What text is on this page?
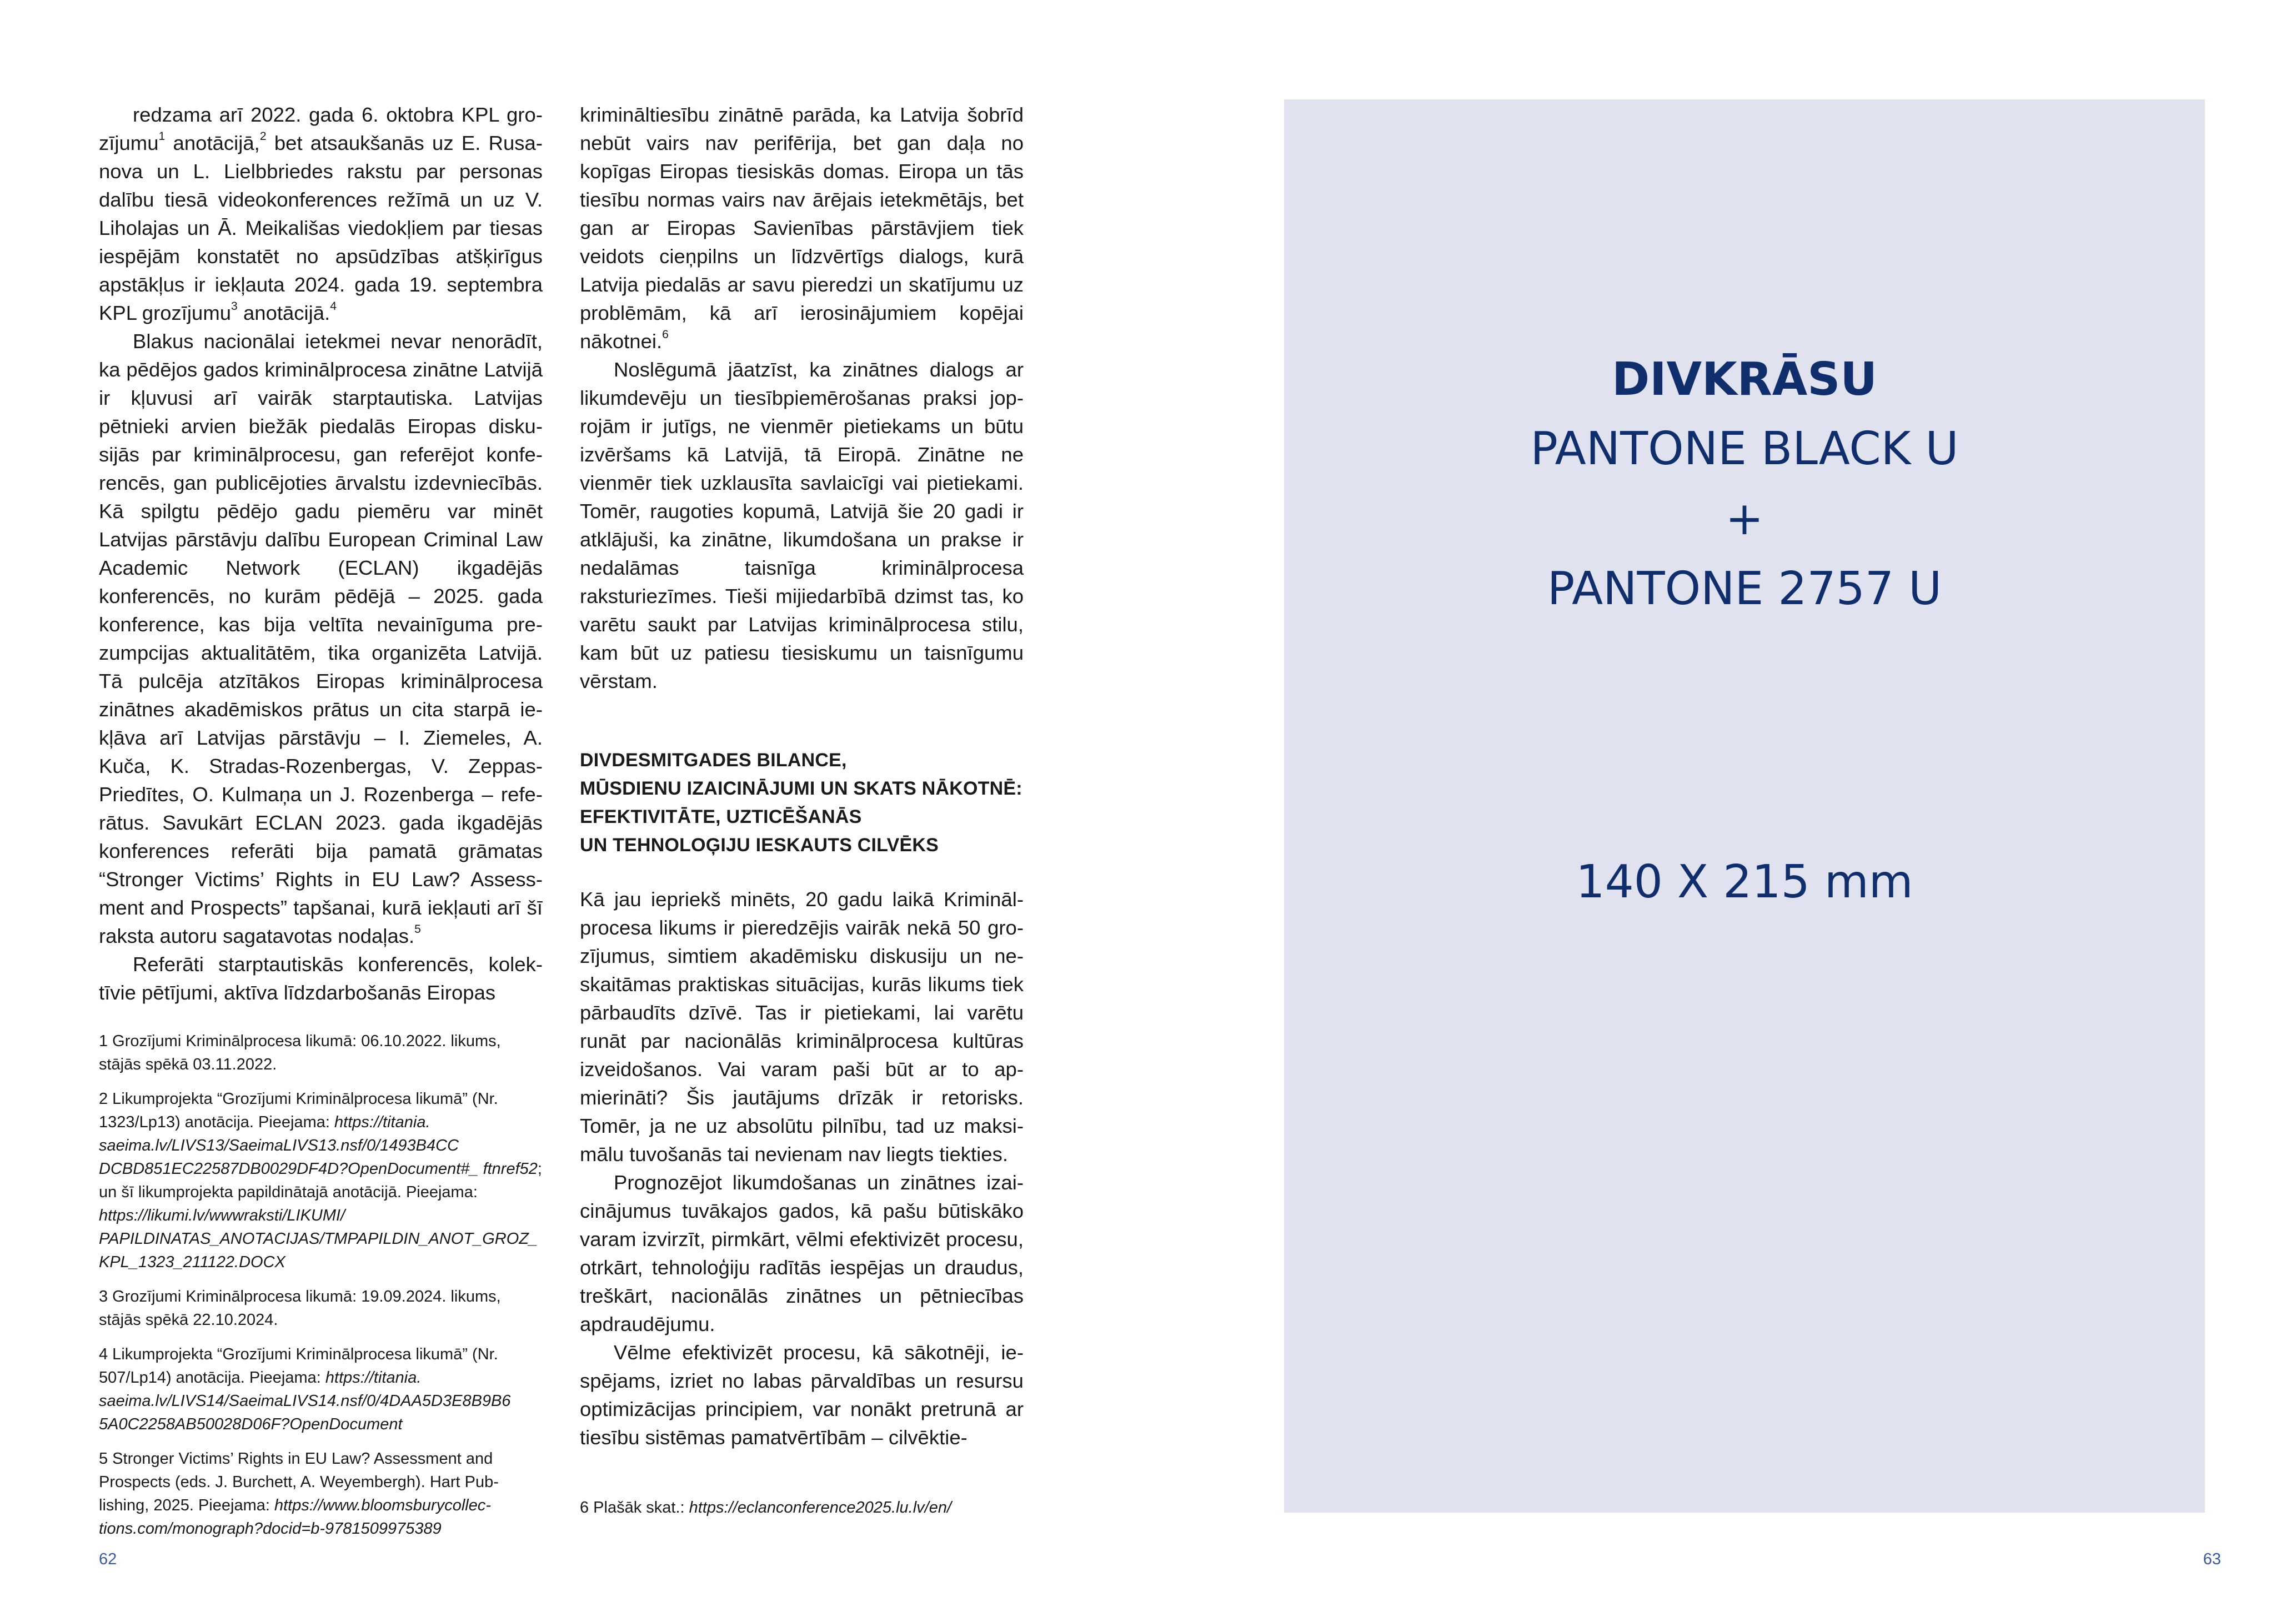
redzama arī 2022. gada 6. oktobra KPL grozījumu$^1$ anotācijā,$^2$ bet atsaukšanās uz E. Rusanova un L. Lielbbriedes rakstu par personas dalību tiesā videokonferences režīmā un uz V. Liholajas un Ā. Meikališas viedokļiem par tiesas iespējām konstatēt no apsūdzības atšķirīgus apstākļus ir iekļauta 2024. gada 19. septembra KPL grozījumu$^3$ anotācijā.$^4$

Blakus nacionālai ietekmei nevar nenorādīt, ka pēdējos gados kriminālprocesa zinātne Latvijā ir kļuvusi arī vairāk starptautiska. Latvijas pētnieki arvien biežāk piedalās Eiropas diskusijās par kriminālprocesu, gan referējot konferencēs, gan publicējoties ārvalstu izdevniecībās. Kā spilgtu pēdējo gadu piemēru var minēt Latvijas pārstāvju dalību European Criminal Law Academic Network (ECLAN) ikgadējās konferencēs, no kurām pēdējā – 2025. gada konference, kas bija veltīta nevainīguma prezumpcijas aktualitātēm, tika organizēta Latvijā. Tā pulcēja atzītākos Eiropas kriminālprocesa zinātnes akadēmiskos prātus un cita starpā iekļāva arī Latvijas pārstāvju – I. Ziemeles, A. Kuča, K. Stradas-Rozenbergas, V. Zeppas-Priedītes, O. Kulmaņa un J. Rozenberga – referātus. Savukārt ECLAN 2023. gada ikgadējās konferences referāti bija pamatā grāmatas “Stronger Victims’ Rights in EU Law? Assessment and Prospects” tapšanai, kurā iekļauti arī šī raksta autoru sagatavotas nodaļas.$^5$

Referāti starptautiskās konferencēs, kolektīvie pētījumi, aktīva līdzdarbošanās Eiropas

1 Grozījumi Kriminālprocesa likumā: 06.10.2022. likums, stājās spēkā 03.11.2022.
2 Likumprojekta “Grozījumi Kriminālprocesa likumā” (Nr. 1323/Lp13) anotācija. Pieejama: https://titania. saeima.lv/LIVS13/SaeimaLIVS13.nsf/0/1493B4CC DCBD851EC22587DB0029DF4D?OpenDocument#_ ftnref52; un šī likumprojekta papildinātajā anotācijā. Pieejama: https://likumi.lv/wwwraksti/LIKUMI/ PAPILDINATAS_ANOTACIJAS/TMPAPILDIN_ANOT_GROZ_ KPL_1323_211122.DOCX
3 Grozījumi Kriminālprocesa likumā: 19.09.2024. likums, stājās spēkā 22.10.2024.
4 Likumprojekta “Grozījumi Kriminālprocesa likumā” (Nr. 507/Lp14) anotācija. Pieejama: https://titania. saeima.lv/LIVS14/SaeimaLIVS14.nsf/0/4DAA5D3E8B9B6 5A0C2258AB50028D06F?OpenDocument
5 Stronger Victims’ Rights in EU Law? Assessment and Prospects (eds. J. Burchett, A. Weyembergh). Hart Publishing, 2025. Pieejama: https://www.bloomsburycollections.com/monograph?docid=b-9781509975389
62

krimināltiesību zinātnē parāda, ka Latvija šobrīd nebūt vairs nav perifērija, bet gan daļa no kopīgas Eiropas tiesiskās domas. Eiropa un tās tiesību normas vairs nav ārējais ietekmētājs, bet gan ar Eiropas Savienības pārstāvjiem tiek veidots cieņpilns un līdzvērtīgs dialogs, kurā Latvija piedalās ar savu pieredzi un skatījumu uz problēmām, kā arī ierosinājumiem kopējai nākotnei.$^6$

Noslēgumā jāatzīst, ka zinātnes dialogs ar likumdevēju un tiesībpiemērošanas praksi joprojām ir jutīgs, ne vienmēr pietiekams un būtu izvēršams kā Latvijā, tā Eiropā. Zinātne ne vienmēr tiek uzklausīta savlaicīgi vai pietiekami. Tomēr, raugoties kopumā, Latvijā šie 20 gadi ir atklājuši, ka zinātne, likumdošana un prakse ir nedalāmas taisnīga kriminālprocesa raksturiezīmes. Tieši mijiedarbībā dzimst tas, ko varētu saukt par Latvijas kriminālprocesa stilu, kam būt uz patiesu tiesiskumu un taisnīgumu vērstam.

DIVDESMITGADES BILANCE,
MŪSDIENU IZAICINĀJUMI UN SKATS NĀKOTNĒ:
EFEKTIVITĀTE, UZTICĒŠANĀS
UN TEHNOLOĢIJU IESKAUTS CILVĒKS

Kā jau iepriekš minēts, 20 gadu laikā Kriminālprocesa likums ir pieredzējis vairāk nekā 50 grozījumus, simtiem akadēmisku diskusiju un neskaitāmas praktiskas situācijas, kurās likums tiek pārbaudīts dzīvē. Tas ir pietiekami, lai varētu runāt par nacionālās kriminālprocesa kultūras izveidošanos. Vai varam paši būt ar to apmierināti? Šis jautājums drīzāk ir retorisks. Tomēr, ja ne uz absolūtu pilnību, tad uz maksimālu tuvošanās tai nevienam nav liegts tiekties.

Prognozējot likumdošanas un zinātnes izaicinājumus tuvākajos gados, kā pašu būtiskāko varam izvirzīt, pirmkārt, vēlmi efektivizēt procesu, otrkārt, tehnoloģiju radītās iespējas un draudus, treškārt, nacionālās zinātnes un pētniecības apdraudējumu.

Vēlme efektivizēt procesu, kā sākotnēji, iespējams, izriet no labas pārvaldības un resursu optimizācijas principiem, var nonākt pretrunā ar tiesību sistēmas pamatvērtībām – cilvēktie-

6 Plašāk skat.: https://eclanconference2025.lu.lv/en/
DIVKRĀSU
PANTONE BLACK U
+
PANTONE 2757 U
140 X 215 mm
63
